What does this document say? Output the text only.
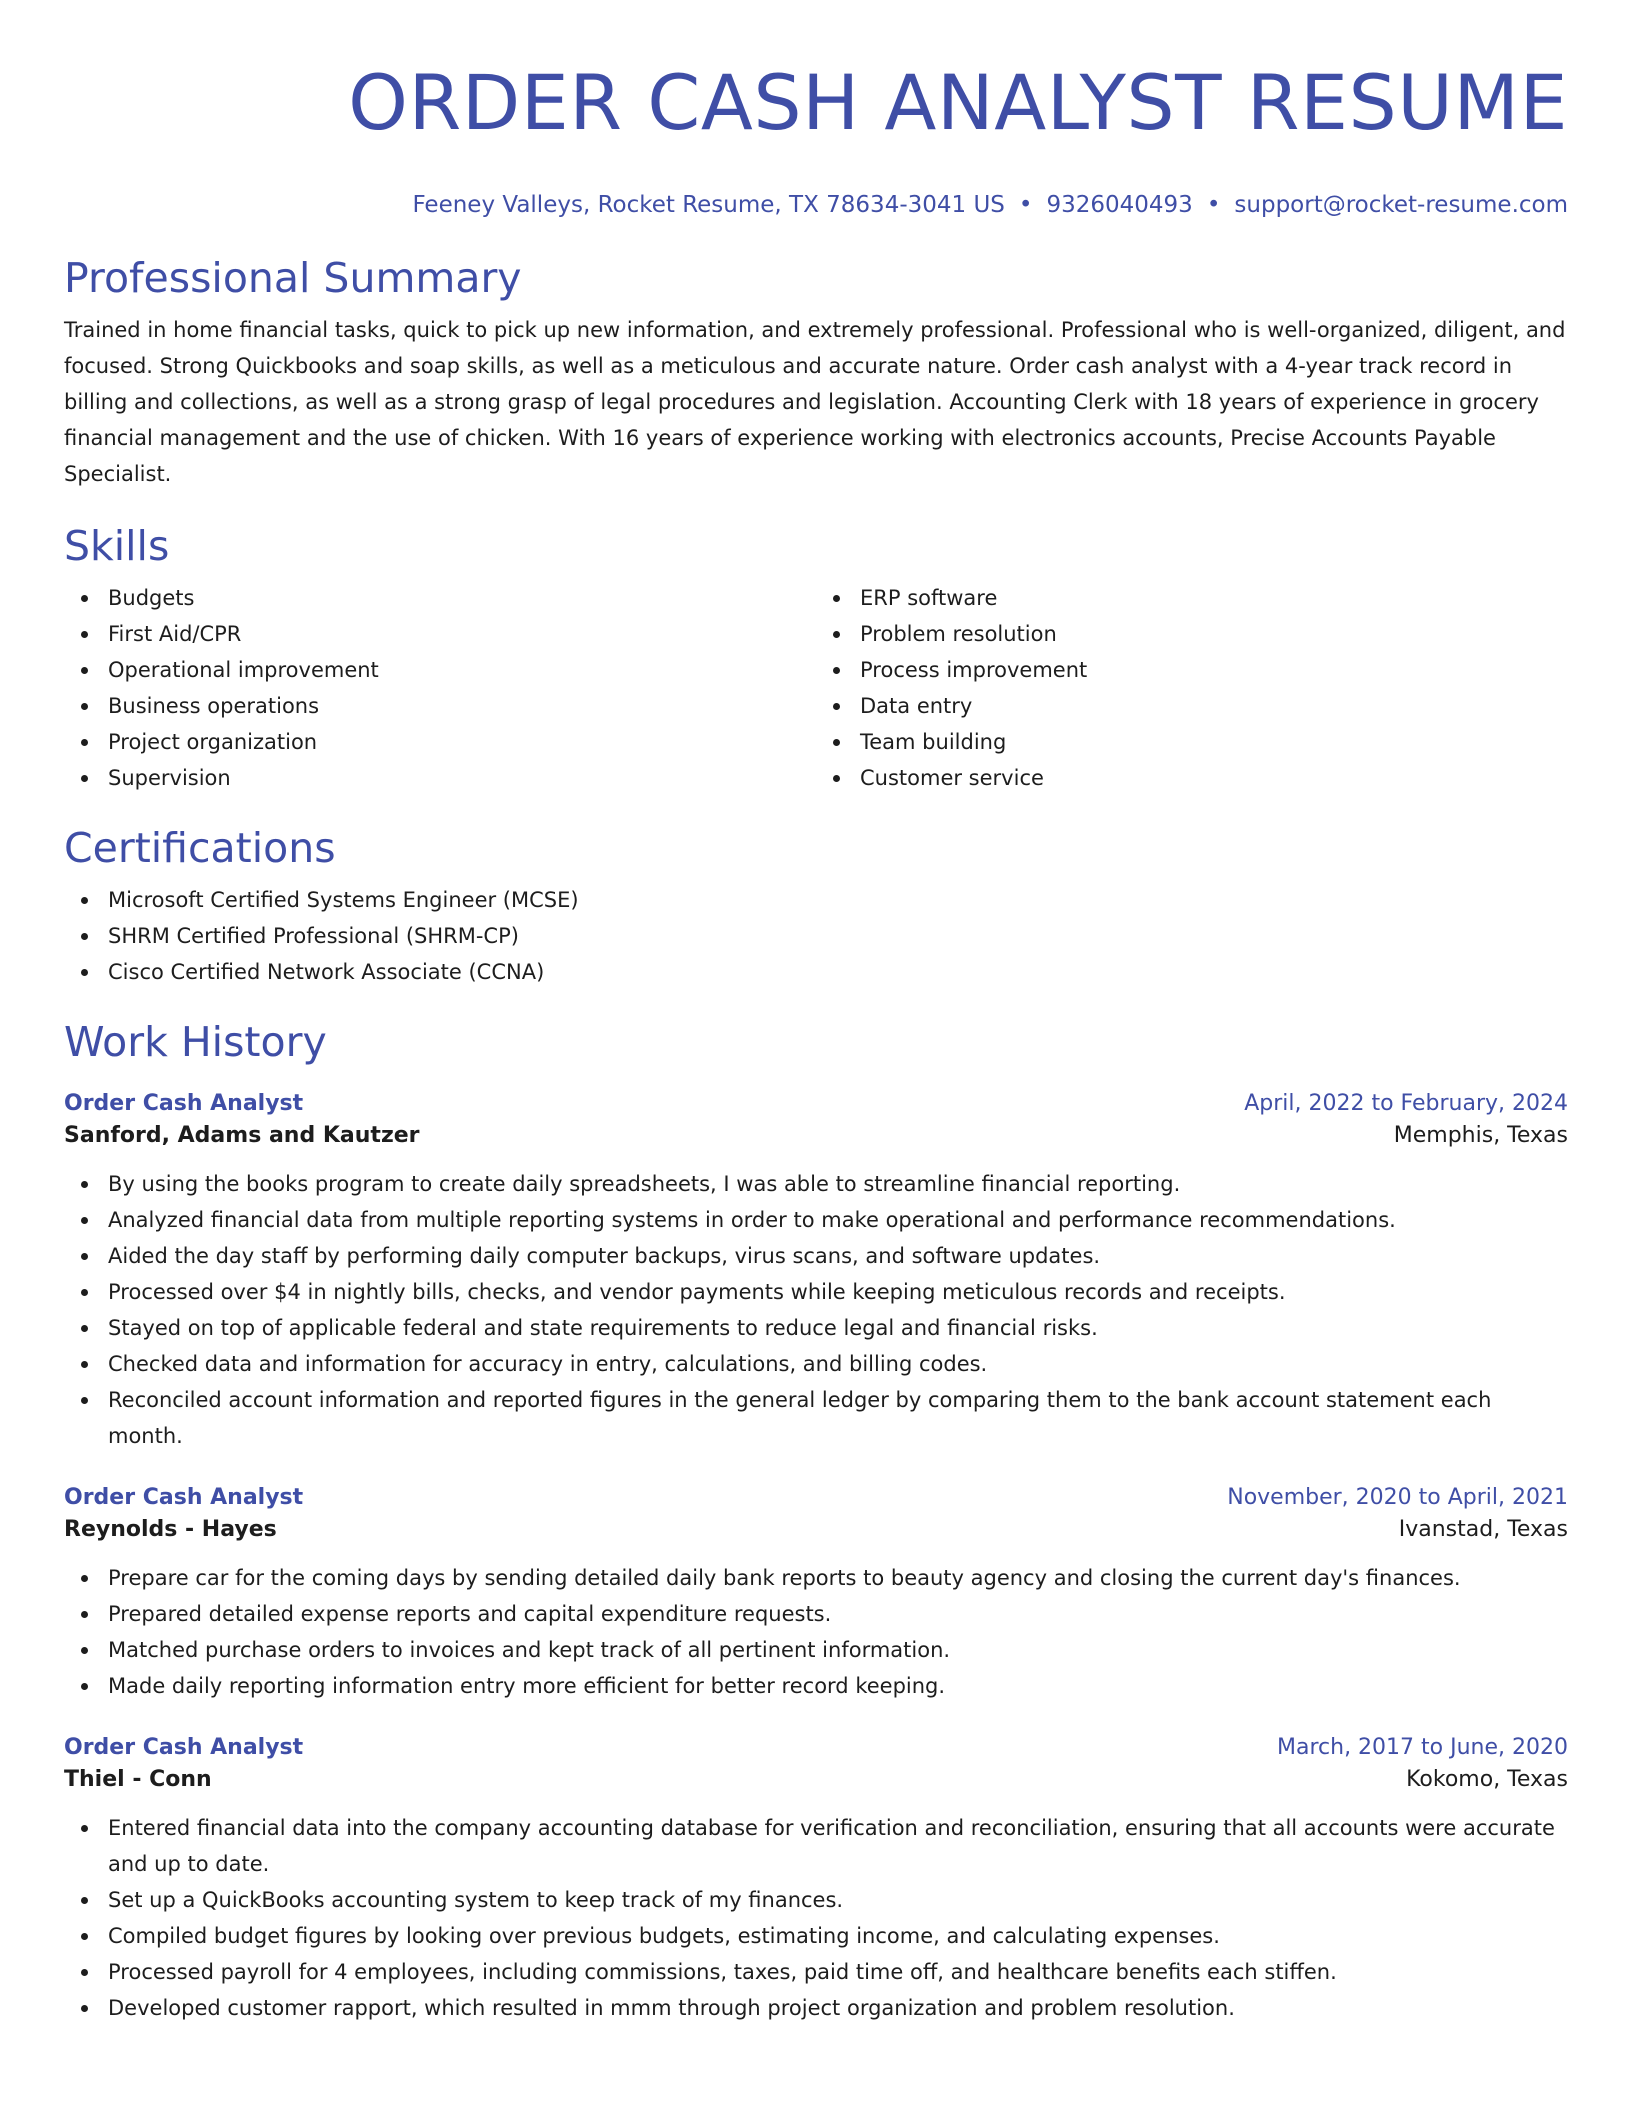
ORDER CASH ANALYST RESUME
Feeney Valleys, Rocket Resume, TX 78634-3041 US • 9326040493 • support@rocket-resume.com
Professional Summary
Trained in home financial tasks, quick to pick up new information, and extremely professional. Professional who is well-organized, diligent, and focused. Strong Quickbooks and soap skills, as well as a meticulous and accurate nature. Order cash analyst with a 4-year track record in billing and collections, as well as a strong grasp of legal procedures and legislation. Accounting Clerk with 18 years of experience in grocery financial management and the use of chicken. With 16 years of experience working with electronics accounts, Precise Accounts Payable Specialist.
Skills
Budgets
First Aid/CPR
Operational improvement
Business operations
Project organization
Supervision
ERP software
Problem resolution
Process improvement
Data entry
Team building
Customer service
Certifications
Microsoft Certified Systems Engineer (MCSE)
SHRM Certified Professional (SHRM-CP)
Cisco Certified Network Associate (CCNA)
Work History
Order Cash Analyst	April, 2022 to February, 2024
Sanford, Adams and Kautzer	Memphis, Texas
By using the books program to create daily spreadsheets, I was able to streamline financial reporting.
Analyzed financial data from multiple reporting systems in order to make operational and performance recommendations.
Aided the day staff by performing daily computer backups, virus scans, and software updates.
Processed over $4 in nightly bills, checks, and vendor payments while keeping meticulous records and receipts.
Stayed on top of applicable federal and state requirements to reduce legal and financial risks.
Checked data and information for accuracy in entry, calculations, and billing codes.
Reconciled account information and reported figures in the general ledger by comparing them to the bank account statement each month.
Order Cash Analyst	November, 2020 to April, 2021
Reynolds - Hayes	Ivanstad, Texas
Prepare car for the coming days by sending detailed daily bank reports to beauty agency and closing the current day's finances.
Prepared detailed expense reports and capital expenditure requests.
Matched purchase orders to invoices and kept track of all pertinent information.
Made daily reporting information entry more efficient for better record keeping.
Order Cash Analyst	March, 2017 to June, 2020
Thiel - Conn	Kokomo, Texas
Entered financial data into the company accounting database for verification and reconciliation, ensuring that all accounts were accurate and up to date.
Set up a QuickBooks accounting system to keep track of my finances.
Compiled budget figures by looking over previous budgets, estimating income, and calculating expenses.
Processed payroll for 4 employees, including commissions, taxes, paid time off, and healthcare benefits each stiffen.
Developed customer rapport, which resulted in mmm through project organization and problem resolution.
